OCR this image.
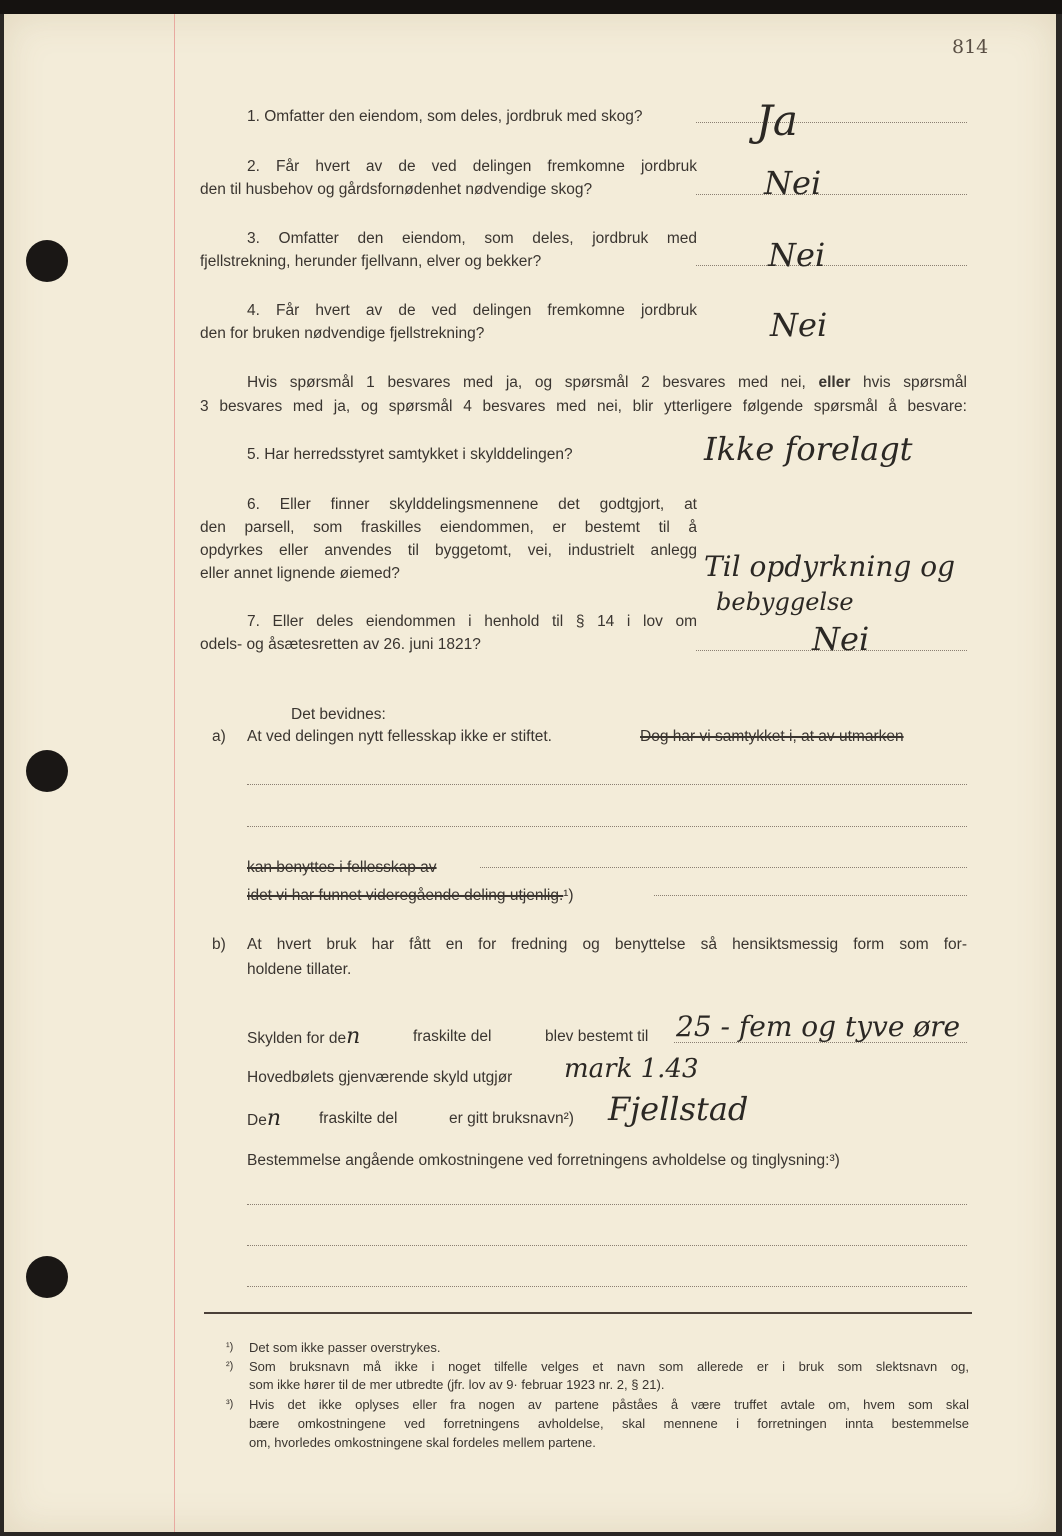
814
1. Omfatter den eiendom, som deles, jordbruk med skog?	Ja
2. Får hvert av de ved delingen fremkomne jordbruk
den til husbehov og gårdsfornødenhet nødvendige skog?	Nei
3. Omfatter den eiendom, som deles, jordbruk med
fjellstrekning, herunder fjellvann, elver og bekker?	Nei
4. Får hvert av de ved delingen fremkomne jordbruk
den for bruken nødvendige fjellstrekning?	Nei
Hvis spørsmål 1 besvares med ja, og spørsmål 2 besvares med nei, eller hvis spørsmål
3 besvares med ja, og spørsmål 4 besvares med nei, blir ytterligere følgende spørsmål å besvare:
5. Har herredsstyret samtykket i skylddelingen?	Ikke forelagt
6. Eller finner skylddelingsmennene det godtgjort, at
den parsell, som fraskilles eiendommen, er bestemt til å
opdyrkes eller anvendes til byggetomt, vei, industrielt anlegg
eller annet lignende øiemed?	Til opdyrkning og
bebyggelse
7. Eller deles eiendommen i henhold til § 14 i lov om
odels- og åsætesretten av 26. juni 1821?	Nei
Det bevidnes:
a) At ved delingen nytt fellesskap ikke er stiftet.	Dog har vi samtykket i, at av utmarken
kan benyttes i fellesskap av
idet vi har funnet videregående deling utjenlig.¹)
b) At hvert bruk har fått en for fredning og benyttelse så hensiktsmessig form som for-
holdene tillater.
Skylden for den	fraskilte del	blev bestemt til 25 - fem og tyve øre
Hovedbølets gjenværende skyld utgjør mark 1.43
Den fraskilte del	er gitt bruksnavn²) Fjellstad
Bestemmelse angående omkostningene ved forretningens avholdelse og tinglysning:³)
¹) Det som ikke passer overstrykes.
²) Som bruksnavn må ikke i noget tilfelle velges et navn som allerede er i bruk som slektsnavn og,
som ikke hører til de mer utbredte (jfr. lov av 9· februar 1923 nr. 2, § 21).
³) Hvis det ikke oplyses eller fra nogen av partene påståes å være truffet avtale om, hvem som skal
bære omkostningene ved forretningens avholdelse, skal mennene i forretningen innta bestemmelse
om, hvorledes omkostningene skal fordeles mellem partene.
